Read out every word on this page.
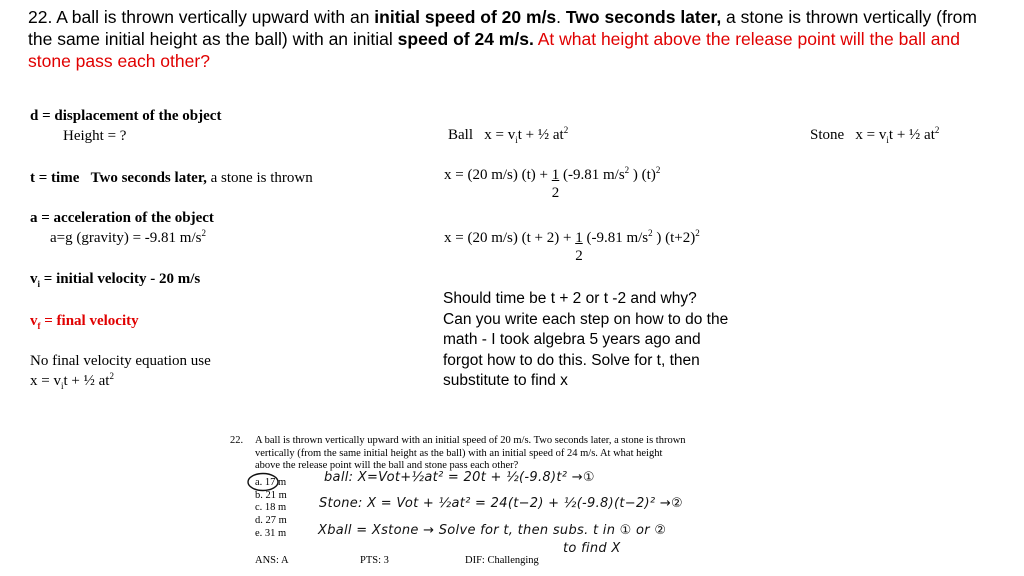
22. A ball is thrown vertically upward with an initial speed of 20 m/s. Two seconds later, a stone is thrown vertically (from the same initial height as the ball) with an initial speed of 24 m/s. At what height above the release point will the ball and stone pass each other?
d = displacement of the object
Height = ?
t = time Two seconds later, a stone is thrown
a = acceleration of the object
a=g (gravity) = -9.81 $m/s^2$
$v_i$ = initial velocity - 20 m/s
$v_f$ = final velocity
No final velocity equation use
$x = v_it$ + ½ $at^2$
Ball $x = v_it$ + ½ $at^2$
x = (20 m/s) $(t) + \frac{1}{2} (-9.81$ $m/s^2$ ) $(t)^2$
x = (20 m/s) $(t + 2) + \frac{1}{2} (-9.81$ $m/s^2$ ) $(t+2)^2$
Stone $x = v_it$ + ½ $at^2$
Should time be t + 2 or t -2 and why?
Can you write each step on how to do the
math - I took algebra 5 years ago and
forgot how to do this. Solve for t, then
substitute to find x
22. A ball is thrown vertically upward with an initial speed of 20 m/s. Two seconds later, a stone is thrown
vertically (from the same initial height as the ball) with an initial speed of 24 m/s. At what height
above the release point will the ball and stone pass each other?
a. 17 m
b. 21 m
c. 18 m
d. 27 m
e. 31 m
ball: X=Vot+½at² = 20t + ½(-9.8)t² →①
Stone: X = Vot + ½at² = 24(t−2) + ½(-9.8)(t−2)² →②
Xball = Xstone → Solve for t, then subs. t in ① or ②
to find X
ANS: A	PTS: 3	DIF: Challenging
